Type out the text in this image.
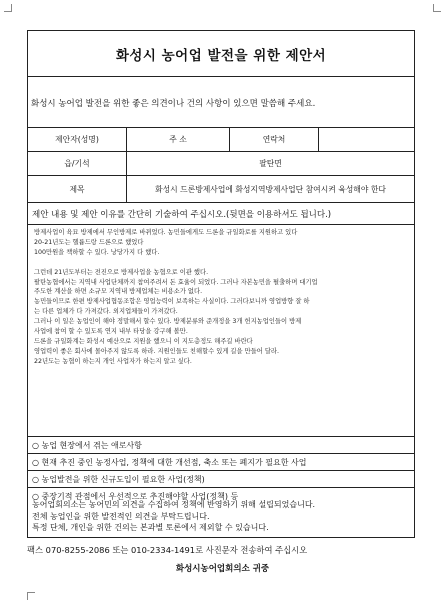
화성시 농어업 발전을 위한 제안서
화성시 농어업 발전을 위한 좋은 의견이나 건의 사항이 있으면 말씀해 주세요.
제안자(성명)	주 소	연락처
읍/기석	팔탄면
제목	화성시 드론방제사업에 화성지역방제사업단 참여시켜 육성해야 한다
제안 내용 및 제안 이유를 간단히 기술하여 주십시오.(뒷면을 이용하셔도 됩니다.)

방제사업이 육묘 방제에서 무인방제로 바뀌었다. 농민들에게도 드론을 규일화로를 지원하고 있다

20-21년도는 헬륨드랑 드론으로 했었다

100만원을 책하할 수 있다. 낭당가지 다 했다.

그런데 21년도부터는 전진으로 방제사업을 농협으로 이관 했다.

팔탄농협에서는 지역내 사업단체까지 참여주려서 돈 효율이 되었다. 그러나 자본농민을 펼출하며 대기업

주도한 계산을 하면 소규모 지역내 방제업체는 비용소가 없다.

농민들이므로 한편 방제사업협동조합은 영업능력이 보족하는 사실이다. 그러다보니까 영업방향 잘 하

는 다른 업체가 다 가져갔다. 외지업체들이 가져갔다.

그러나 이 일은 농업인이 해야 정말해서 할수 있다. 방제분류와 준개정을 3개 헌지농업인들이 방제

사업에 참여 할 수 있도록 연지 내부 타당을 강구해 볼만.

드론을 규일화계는 화성시 예산으로 지원을 했으니 이 지도층정도 해주길 바란다

영업력이 좋은 회사에 몰아주지 않도록 하라. 지원인들도 친해할수 있게 길을 만들어 달라.

22년도는 농협이 하는지 개인 사업자가 하는지 알고 싶다.

○ 농업 현장에서 겪는 애로사항
○ 현재 추진 중인 농정사업, 정책에 대한 개선점, 축소 또는 폐지가 필요한 사업
○ 농업발전을 위한 신규도입이 필요한 사업(정책)
○ 중장기적 관점에서 우선적으로 추진해야할 사업(정책) 등

농어업회의소는 농어민의 의견을 수집하여 정책에 반영하기 위해 설립되었습니다.

전체 농업인을 위한 발전적인 의견을 부탁드립니다.

특정 단체, 개인을 위한 건의는 본과별 토론에서 제외할 수 있습니다.

팩스 070-8255-2086 또는 010-2334-1491로 사진문자 전송하여 주십시오
화성시농어업회의소 귀중
